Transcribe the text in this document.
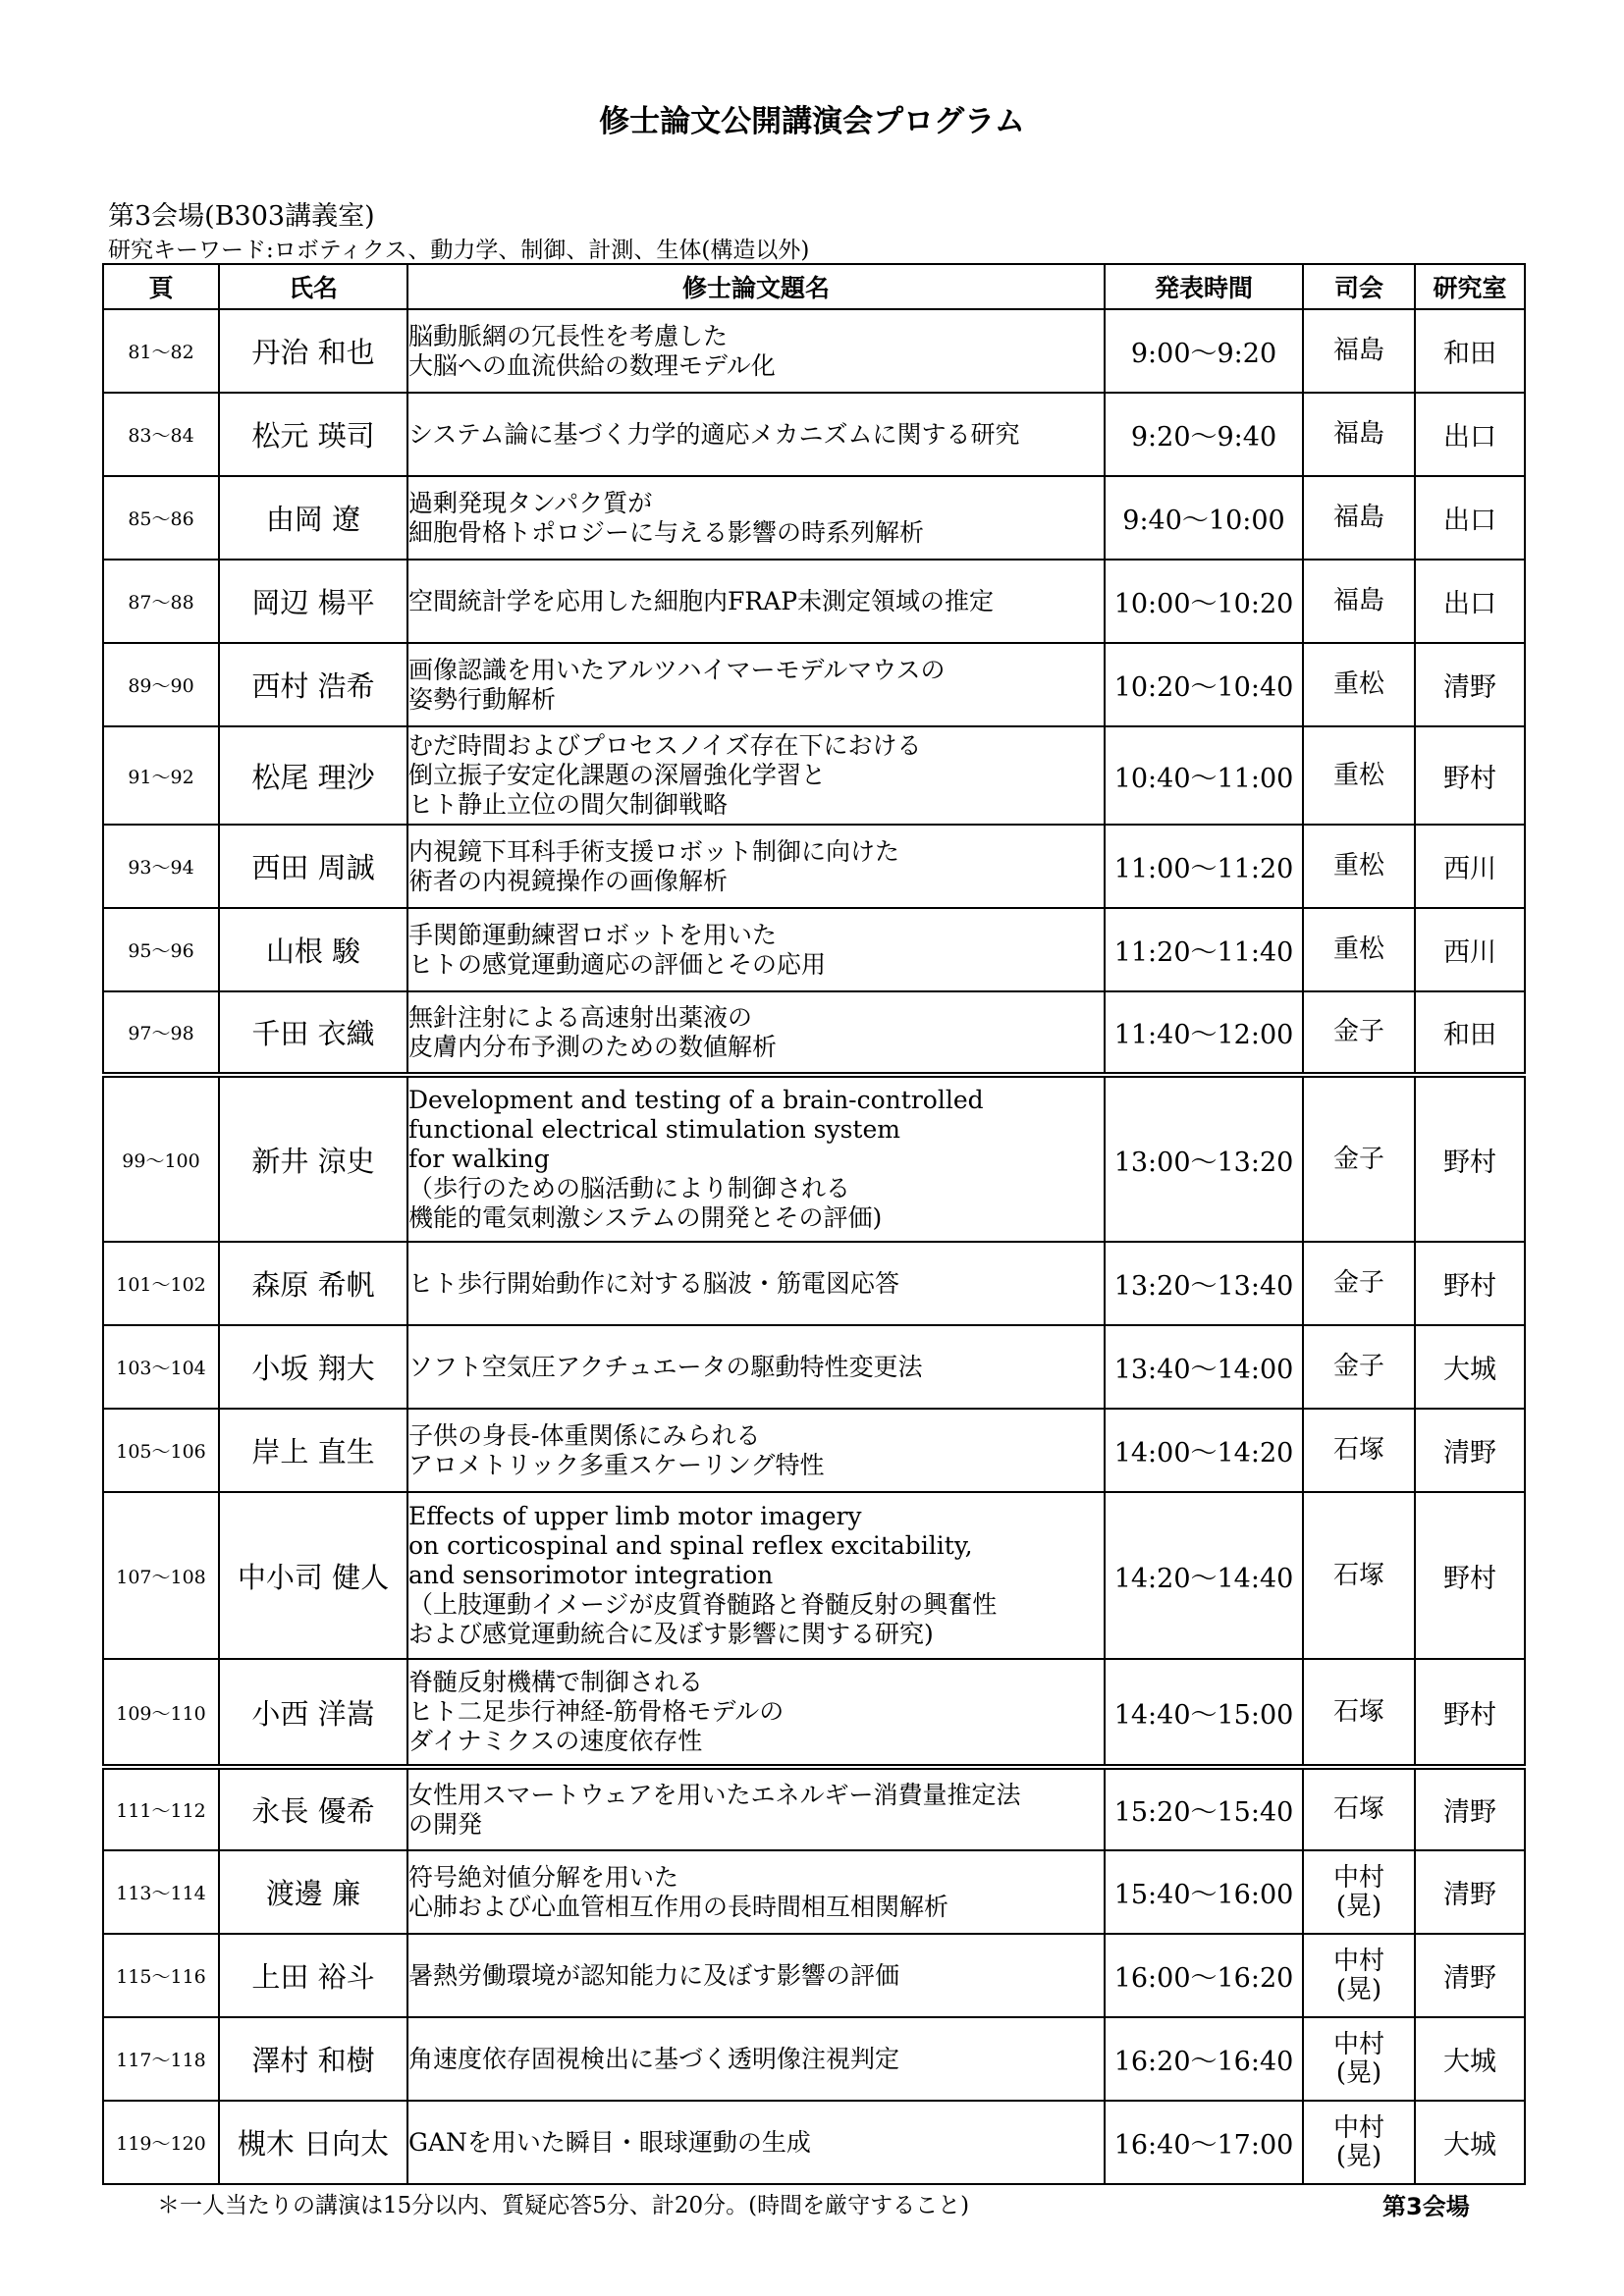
修士論文公開講演会プログラム
第3会場(B303講義室)
研究キーワード:ロボティクス、動力学、制御、計測、生体(構造以外)
頁	氏名	修士論文題名	発表時間	司会	研究室
81～82	丹治 和也	脳動脈網の冗長性を考慮した
大脳への血流供給の数理モデル化	9:00～9:20	福島	和田
83～84	松元 瑛司	システム論に基づく力学的適応メカニズムに関する研究	9:20～9:40	福島	出口
85～86	由岡 遼	過剰発現タンパク質が
細胞骨格トポロジーに与える影響の時系列解析	9:40～10:00	福島	出口
87～88	岡辺 楊平	空間統計学を応用した細胞内FRAP未測定領域の推定	10:00～10:20	福島	出口
89～90	西村 浩希	画像認識を用いたアルツハイマーモデルマウスの
姿勢行動解析	10:20～10:40	重松	清野
91～92	松尾 理沙	むだ時間およびプロセスノイズ存在下における
倒立振子安定化課題の深層強化学習と
ヒト静止立位の間欠制御戦略	10:40～11:00	重松	野村
93～94	西田 周誠	内視鏡下耳科手術支援ロボット制御に向けた
術者の内視鏡操作の画像解析	11:00～11:20	重松	西川
95～96	山根 駿	手関節運動練習ロボットを用いた
ヒトの感覚運動適応の評価とその応用	11:20～11:40	重松	西川
97～98	千田 衣織	無針注射による高速射出薬液の
皮膚内分布予測のための数値解析	11:40～12:00	金子	和田
99～100	新井 涼史	Development and testing of a brain-controlled
functional electrical stimulation system
for walking
（歩行のための脳活動により制御される
機能的電気刺激システムの開発とその評価)	13:00～13:20	金子	野村
101～102	森原 希帆	ヒト歩行開始動作に対する脳波・筋電図応答	13:20～13:40	金子	野村
103～104	小坂 翔大	ソフト空気圧アクチュエータの駆動特性変更法	13:40～14:00	金子	大城
105～106	岸上 直生	子供の身長-体重関係にみられる
アロメトリック多重スケーリング特性	14:00～14:20	石塚	清野
107～108	中小司 健人	Effects of upper limb motor imagery
on corticospinal and spinal reflex excitability,
and sensorimotor integration
（上肢運動イメージが皮質脊髄路と脊髄反射の興奮性
および感覚運動統合に及ぼす影響に関する研究)	14:20～14:40	石塚	野村
109～110	小西 洋嵩	脊髄反射機構で制御される
ヒト二足歩行神経-筋骨格モデルの
ダイナミクスの速度依存性	14:40～15:00	石塚	野村
111～112	永長 優希	女性用スマートウェアを用いたエネルギー消費量推定法
の開発	15:20～15:40	石塚	清野
113～114	渡邊 廉	符号絶対値分解を用いた
心肺および心血管相互作用の長時間相互相関解析	15:40～16:00	中村
(晃)	清野
115～116	上田 裕斗	暑熱労働環境が認知能力に及ぼす影響の評価	16:00～16:20	中村
(晃)	清野
117～118	澤村 和樹	角速度依存固視検出に基づく透明像注視判定	16:20～16:40	中村
(晃)	大城
119～120	槻木 日向太	GANを用いた瞬目・眼球運動の生成	16:40～17:00	中村
(晃)	大城
＊一人当たりの講演は15分以内、質疑応答5分、計20分。(時間を厳守すること)	第3会場
